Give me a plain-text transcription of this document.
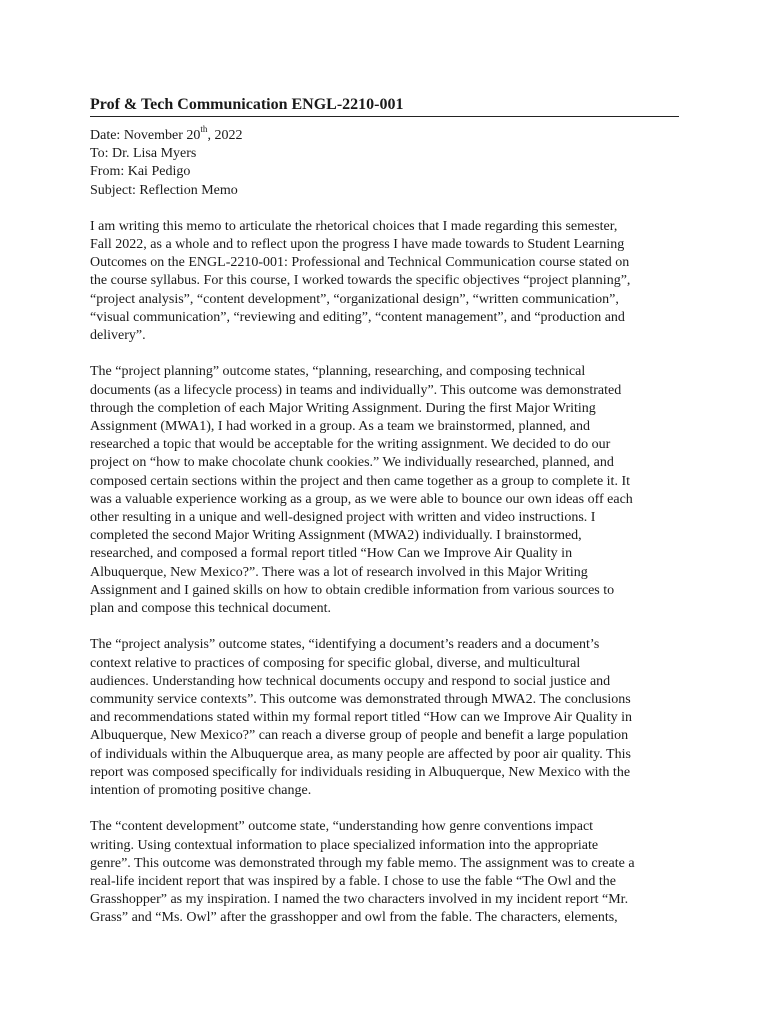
Prof & Tech Communication ENGL-2210-001
Date: November 20th, 2022
To: Dr. Lisa Myers
From: Kai Pedigo
Subject: Reflection Memo
I am writing this memo to articulate the rhetorical choices that I made regarding this semester,
Fall 2022, as a whole and to reflect upon the progress I have made towards to Student Learning
Outcomes on the ENGL-2210-001: Professional and Technical Communication course stated on
the course syllabus. For this course, I worked towards the specific objectives “project planning”,
“project analysis”, “content development”, “organizational design”, “written communication”,
“visual communication”, “reviewing and editing”, “content management”, and “production and
delivery”.
The “project planning” outcome states, “planning, researching, and composing technical
documents (as a lifecycle process) in teams and individually”. This outcome was demonstrated
through the completion of each Major Writing Assignment. During the first Major Writing
Assignment (MWA1), I had worked in a group. As a team we brainstormed, planned, and
researched a topic that would be acceptable for the writing assignment. We decided to do our
project on “how to make chocolate chunk cookies.” We individually researched, planned, and
composed certain sections within the project and then came together as a group to complete it. It
was a valuable experience working as a group, as we were able to bounce our own ideas off each
other resulting in a unique and well-designed project with written and video instructions. I
completed the second Major Writing Assignment (MWA2) individually. I brainstormed,
researched, and composed a formal report titled “How Can we Improve Air Quality in
Albuquerque, New Mexico?”. There was a lot of research involved in this Major Writing
Assignment and I gained skills on how to obtain credible information from various sources to
plan and compose this technical document.
The “project analysis” outcome states, “identifying a document’s readers and a document’s
context relative to practices of composing for specific global, diverse, and multicultural
audiences. Understanding how technical documents occupy and respond to social justice and
community service contexts”. This outcome was demonstrated through MWA2. The conclusions
and recommendations stated within my formal report titled “How can we Improve Air Quality in
Albuquerque, New Mexico?” can reach a diverse group of people and benefit a large population
of individuals within the Albuquerque area, as many people are affected by poor air quality. This
report was composed specifically for individuals residing in Albuquerque, New Mexico with the
intention of promoting positive change.
The “content development” outcome state, “understanding how genre conventions impact
writing. Using contextual information to place specialized information into the appropriate
genre”. This outcome was demonstrated through my fable memo. The assignment was to create a
real-life incident report that was inspired by a fable. I chose to use the fable “The Owl and the
Grasshopper” as my inspiration. I named the two characters involved in my incident report “Mr.
Grass” and “Ms. Owl” after the grasshopper and owl from the fable. The characters, elements,
